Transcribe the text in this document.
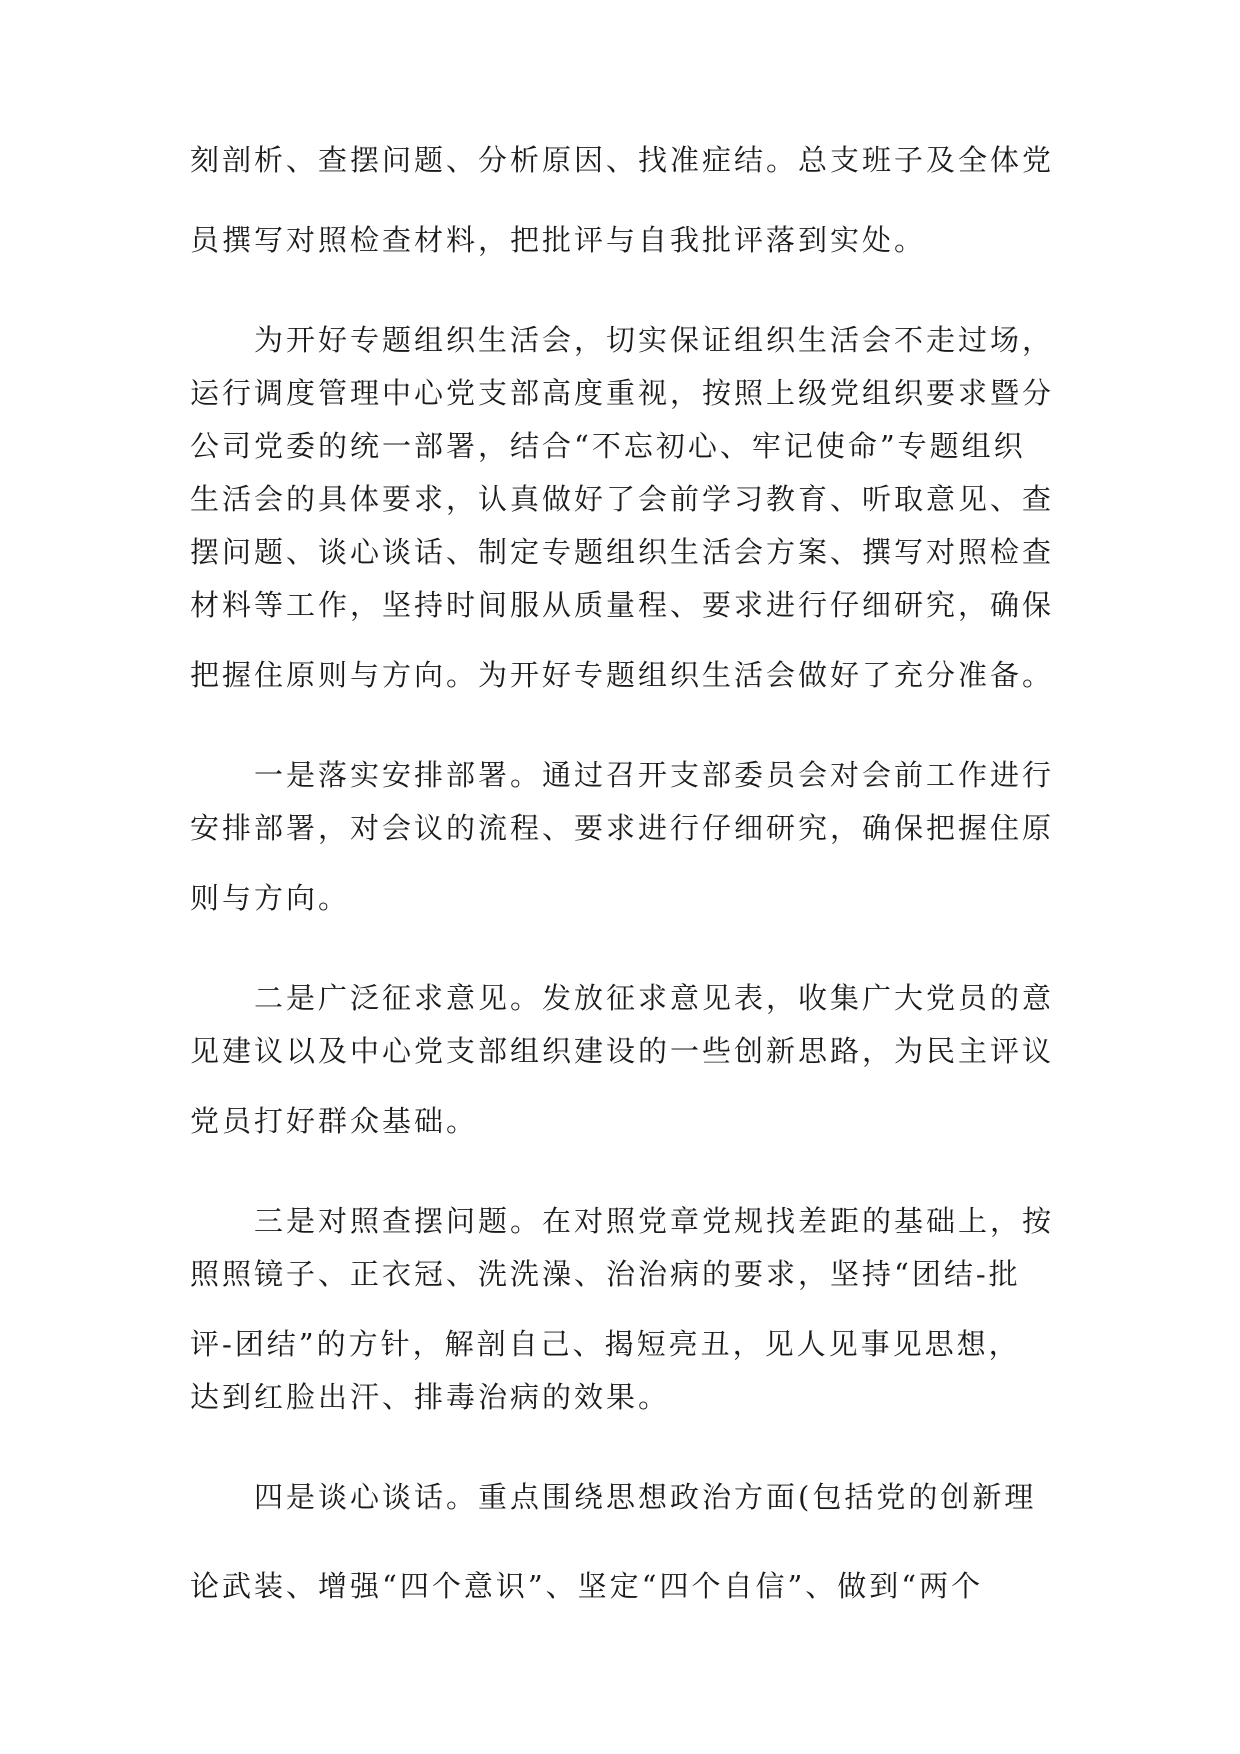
刻剖析、查摆问题、分析原因、找准症结。总支班子及全体党
员撰写对照检查材料，把批评与自我批评落到实处。
　　为开好专题组织生活会，切实保证组织生活会不走过场，
运行调度管理中心党支部高度重视，按照上级党组织要求暨分
公司党委的统一部署，结合“不忘初心、牢记使命”专题组织
生活会的具体要求，认真做好了会前学习教育、听取意见、查
摆问题、谈心谈话、制定专题组织生活会方案、撰写对照检查
材料等工作，坚持时间服从质量程、要求进行仔细研究，确保
把握住原则与方向。为开好专题组织生活会做好了充分准备。
　　一是落实安排部署。通过召开支部委员会对会前工作进行
安排部署，对会议的流程、要求进行仔细研究，确保把握住原
则与方向。
　　二是广泛征求意见。发放征求意见表，收集广大党员的意
见建议以及中心党支部组织建设的一些创新思路，为民主评议
党员打好群众基础。
　　三是对照查摆问题。在对照党章党规找差距的基础上，按
照照镜子、正衣冠、洗洗澡、治治病的要求，坚持“团结-批
评-团结”的方针，解剖自己、揭短亮丑，见人见事见思想，
达到红脸出汗、排毒治病的效果。
　　四是谈心谈话。重点围绕思想政治方面(包括党的创新理
论武装、增强“四个意识”、坚定“四个自信”、做到“两个
